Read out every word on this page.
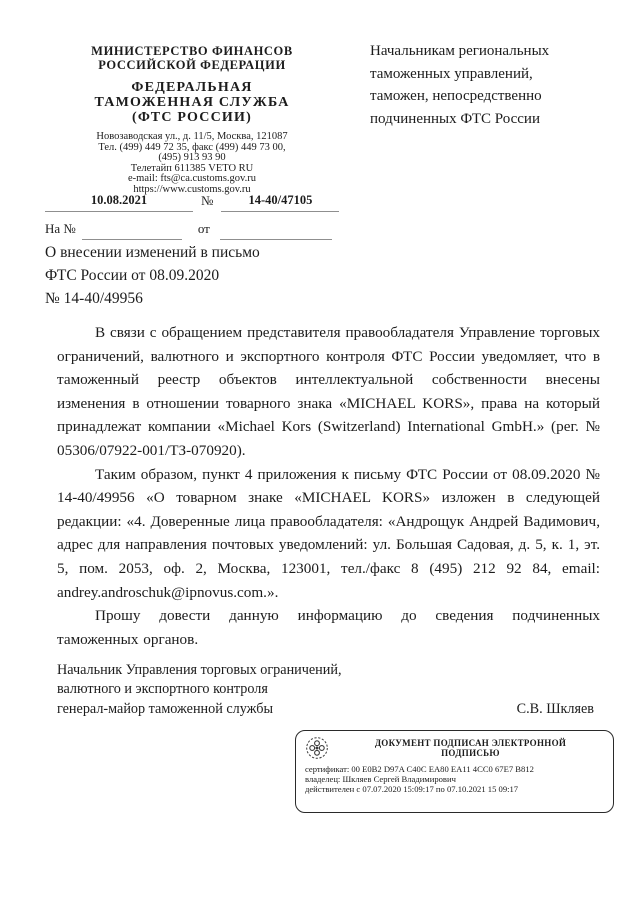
МИНИСТЕРСТВО ФИНАНСОВ
РОССИЙСКОЙ ФЕДЕРАЦИИ
ФЕДЕРАЛЬНАЯ
ТАМОЖЕННАЯ СЛУЖБА
(ФТС РОССИИ)
Новозаводская ул., д. 11/5, Москва, 121087
Тел. (499) 449 72 35, факс (499) 449 73 00,
(495) 913 93 90
Телетайп 611385 VETO RU
e-mail: fts@ca.customs.gov.ru
https://www.customs.gov.ru
Начальникам региональных
таможенных управлений,
таможен, непосредственно
подчиненных ФТС России
10.08.2021	№	14-40/47105
На №	от
О внесении изменений в письмо
ФТС России от 08.09.2020
№ 14-40/49956

В связи с обращением представителя правообладателя Управление торговых ограничений, валютного и экспортного контроля ФТС России уведомляет, что в таможенный реестр объектов интеллектуальной собственности внесены изменения в отношении товарного знака «MICHAEL KORS», права на который принадлежат компании «Michael Kors (Switzerland) International GmbH.» (рег. № 05306/07922-001/ТЗ-070920).

Таким образом, пункт 4 приложения к письму ФТС России от 08.09.2020 № 14-40/49956 «О товарном знаке «MICHAEL KORS» изложен в следующей редакции: «4. Доверенные лица правообладателя: «Андрощук Андрей Вадимович, адрес для направления почтовых уведомлений: ул. Большая Садовая, д. 5, к. 1, эт. 5, пом. 2053, оф. 2, Москва, 123001, тел./факс 8 (495) 212 92 84, email: andrey.androschuk@ipnovus.com.».

Прошу довести данную информацию до сведения подчиненных таможенных органов.

Начальник Управления торговых ограничений,
валютного и экспортного контроля
генерал-майор таможенной службы	С.В. Шкляев
ДОКУМЕНТ ПОДПИСАН ЭЛЕКТРОННОЙ
ПОДПИСЬЮ
сертификат: 00 E0B2 D97A C40C EA80 EA11 4CC0 67E7 B812
владелец: Шкляев Сергей Владимирович
действителен с 07.07.2020 15:09:17 по 07.10.2021 15 09:17
